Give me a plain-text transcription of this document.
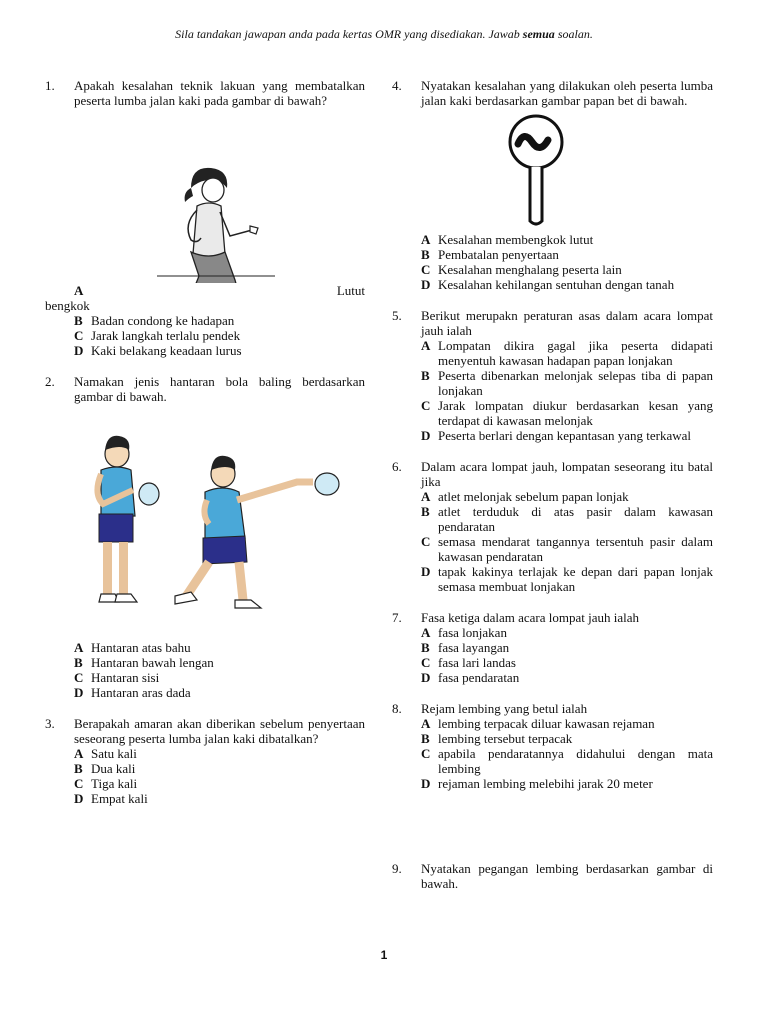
Sila tandakan jawapan anda pada kertas OMR yang disediakan. Jawab semua soalan.
1. Apakah kesalahan teknik lakuan yang membatalkan peserta lumba jalan kaki pada gambar di bawah?
A	Lutut
bengkok
B Badan condong ke hadapan
C Jarak langkah terlalu pendek
D Kaki belakang keadaan lurus
2. Namakan jenis hantaran bola baling berdasarkan gambar di bawah.
A Hantaran atas bahu
B Hantaran bawah lengan
C Hantaran sisi
D Hantaran aras dada
3. Berapakah amaran akan diberikan sebelum penyertaan seseorang peserta lumba jalan kaki dibatalkan?
A Satu kali
B Dua kali
C Tiga kali
D Empat kali
4. Nyatakan kesalahan yang dilakukan oleh peserta lumba jalan kaki berdasarkan gambar papan bet di bawah.
A Kesalahan membengkok lutut
B Pembatalan penyertaan
C Kesalahan menghalang peserta lain
D Kesalahan kehilangan sentuhan dengan tanah
5. Berikut merupakn peraturan asas dalam acara lompat jauh ialah
A Lompatan dikira gagal jika peserta didapati menyentuh kawasan hadapan papan lonjakan
B Peserta dibenarkan melonjak selepas tiba di papan lonjakan
C Jarak lompatan diukur berdasarkan kesan yang terdapat di kawasan melonjak
D Peserta berlari dengan kepantasan yang terkawal
6. Dalam acara lompat jauh, lompatan seseorang itu batal jika
A atlet melonjak sebelum papan lonjak
B atlet terduduk di atas pasir dalam kawasan pendaratan
C semasa mendarat tangannya tersentuh pasir dalam kawasan pendaratan
D tapak kakinya terlajak ke depan dari papan lonjak semasa membuat lonjakan
7. Fasa ketiga dalam acara lompat jauh ialah
A fasa lonjakan
B fasa layangan
C fasa lari landas
D fasa pendaratan
8. Rejam lembing yang betul ialah
A lembing terpacak diluar kawasan rejaman
B lembing tersebut terpacak
C apabila pendaratannya didahului dengan mata lembing
D rejaman lembing melebihi jarak 20 meter
9. Nyatakan pegangan lembing berdasarkan gambar di bawah.
1
